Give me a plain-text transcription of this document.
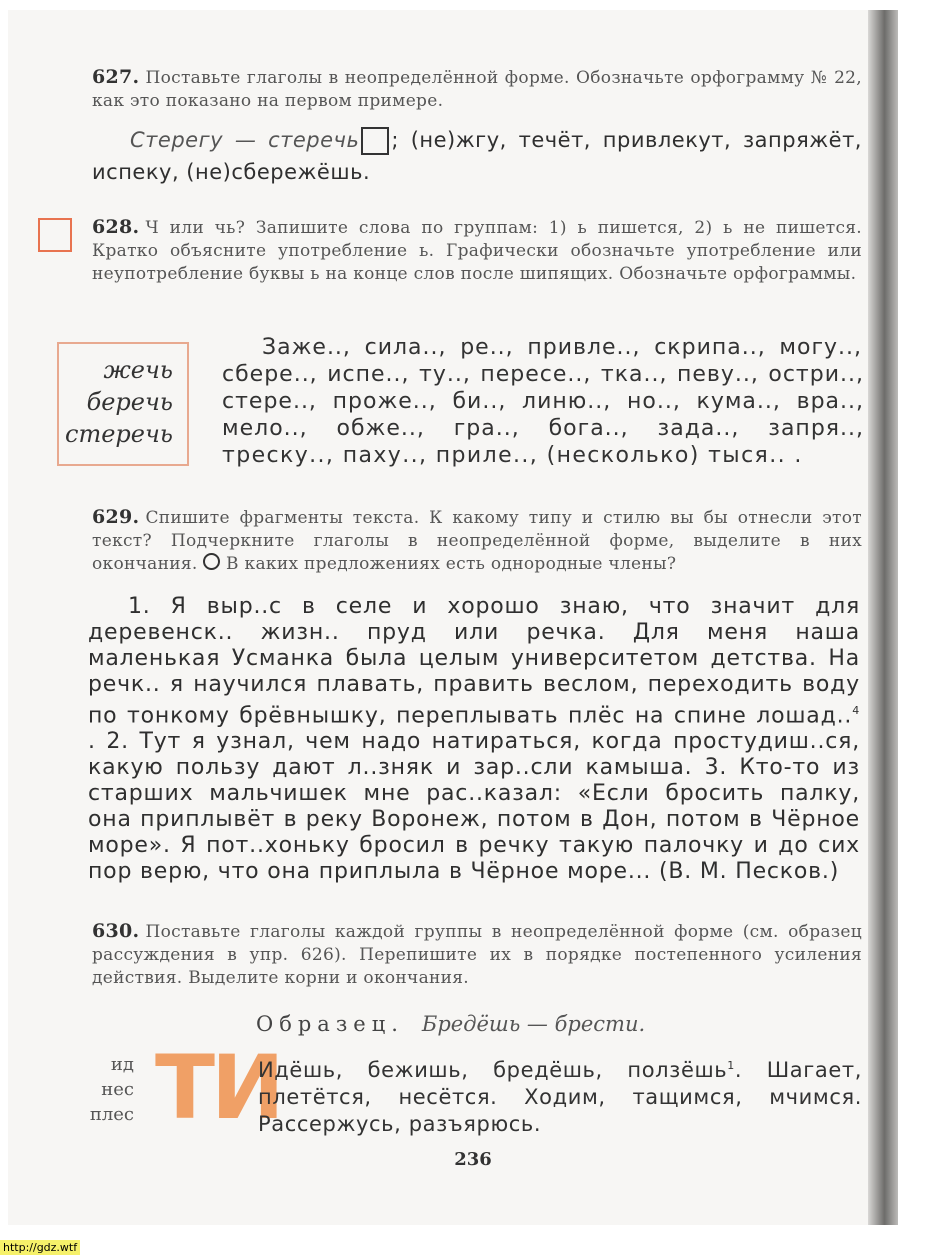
627. Поставьте глаголы в неопределённой форме. Обозначьте орфограмму № 22, как это показано на первом примере.
Стерегу — стеречь ; (не)жгу, течёт, привлекут, запряжёт, испеку, (не)сбережёшь.
628. Ч или чь? Запишите слова по группам: 1) ь пишется, 2) ь не пишется. Кратко объясните употребление ь. Графически обозначьте употребление или неупотребление буквы ь на конце слов после шипящих. Обозначьте орфограммы.
жечь
беречь
стеречь
Заже.., сила.., ре.., привле.., скрипа.., могу..,
сбере.., испе.., ту.., пересе.., тка.., певу.., остри..,
стере.., проже.., би.., линю.., но.., кума.., вра..,
мело.., обже.., гра.., бога.., зада.., запря..,
треску.., паху.., приле.., (несколько) тыся.. .
629. Спишите фрагменты текста. К какому типу и стилю вы бы отнесли этот текст? Подчеркните глаголы в неопределённой форме, выделите в них окончания. В каких предложениях есть однородные члены?
1. Я выр..с в селе и хорошо знаю, что значит для деревенск.. жизн.. пруд или речка. Для меня наша маленькая Усманка была целым университетом детства. На речк.. я научился плавать, править веслом, переходить воду по тонкому брёвнышку, переплывать плёс на спине лошад..$^4$ . 2. Тут я узнал, чем надо натираться, когда простудиш..ся, какую пользу дают л..зняк и зар..сли камыша. 3. Кто-то из старших мальчишек мне рас..казал: «Если бросить палку, она приплывёт в реку Воронеж, потом в Дон, потом в Чёрное море». Я пот..хоньку бросил в речку такую палочку и до сих пор верю, что она приплыла в Чёрное море... (В. М. Песков.)
630. Поставьте глаголы каждой группы в неопределённой форме (см. образец рассуждения в упр. 626). Перепишите их в порядке постепенного усиления действия. Выделите корни и окончания.
Образец. Бредёшь — брести.
ид
нес
плес ТИ
Идёшь, бежишь, бредёшь, ползёшь$^1$. Шагает, плетётся, несётся. Ходим, тащимся, мчимся. Рассержусь, разъярюсь.
236
http://gdz.wtf
